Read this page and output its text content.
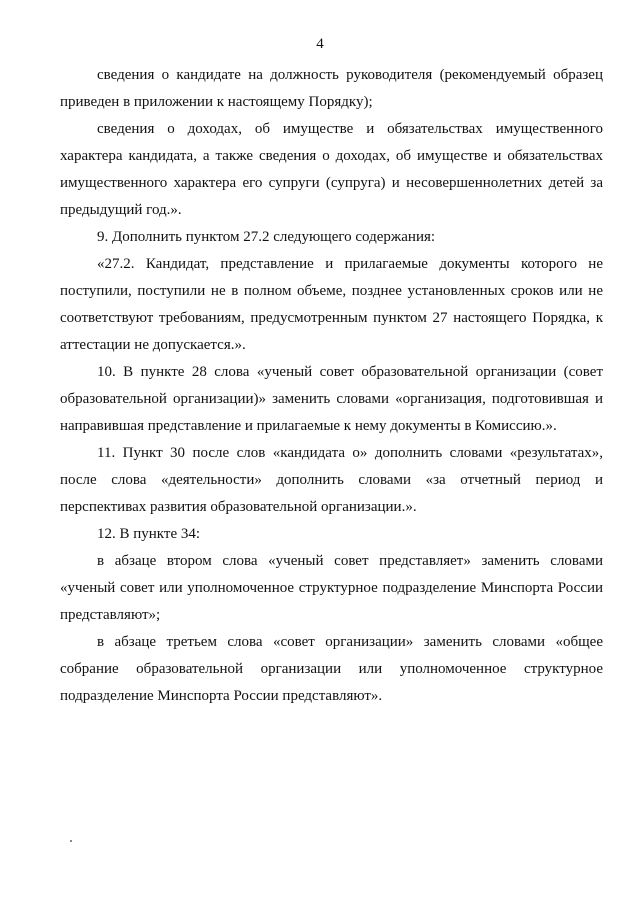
4

сведения о кандидате на должность руководителя (рекомендуемый образец приведен в приложении к настоящему Порядку);

сведения о доходах, об имуществе и обязательствах имущественного характера кандидата, а также сведения о доходах, об имуществе и обязательствах имущественного характера его супруги (супруга) и несовершеннолетних детей за предыдущий год.».

9. Дополнить пунктом 27.2 следующего содержания:

«27.2. Кандидат, представление и прилагаемые документы которого не поступили, поступили не в полном объеме, позднее установленных сроков или не соответствуют требованиям, предусмотренным пунктом 27 настоящего Порядка, к аттестации не допускается.».

10. В пункте 28 слова «ученый совет образовательной организации (совет образовательной организации)» заменить словами «организация, подготовившая и направившая представление и прилагаемые к нему документы в Комиссию.».

11. Пункт 30 после слов «кандидата о» дополнить словами «результатах», после слова «деятельности» дополнить словами «за отчетный период и перспективах развития образовательной организации.».

12. В пункте 34:

в абзаце втором слова «ученый совет представляет» заменить словами «ученый совет или уполномоченное структурное подразделение Минспорта России представляют»;

в абзаце третьем слова «совет организации» заменить словами «общее собрание образовательной организации или уполномоченное структурное подразделение Минспорта России представляют».
